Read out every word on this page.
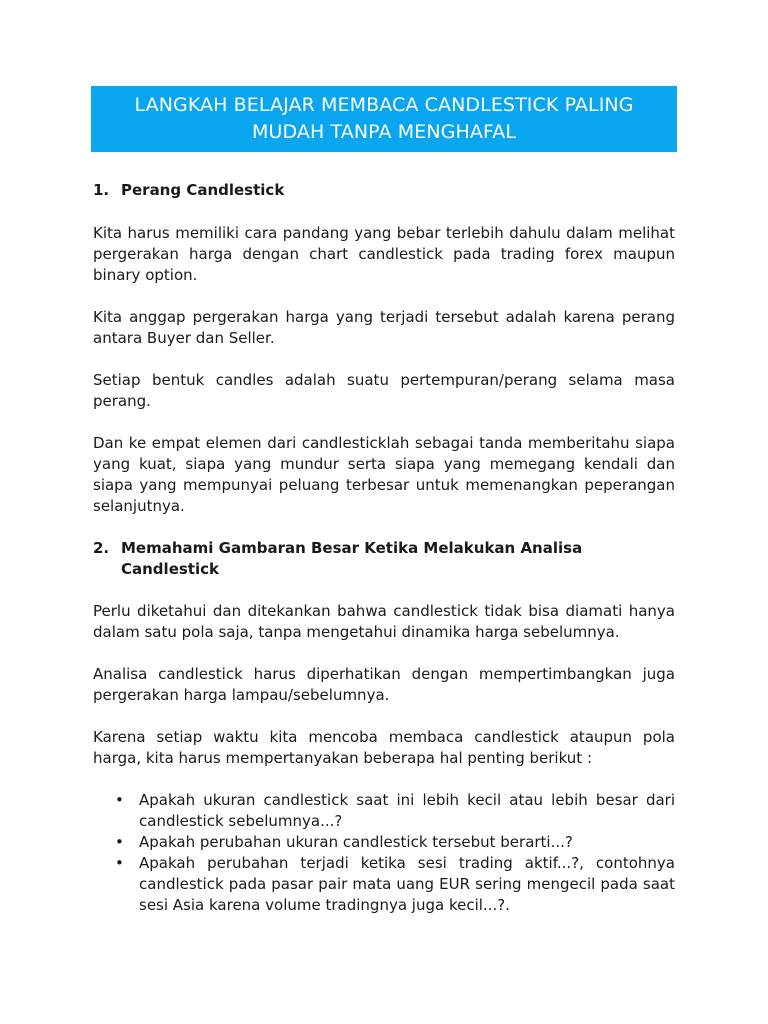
LANGKAH BELAJAR MEMBACA CANDLESTICK PALING
MUDAH TANPA MENGHAFAL
1. Perang Candlestick

Kita harus memiliki cara pandang yang bebar terlebih dahulu dalam melihat pergerakan harga dengan chart candlestick pada trading forex maupun binary option.

Kita anggap pergerakan harga yang terjadi tersebut adalah karena perang antara Buyer dan Seller.

Setiap bentuk candles adalah suatu pertempuran/perang selama masa perang.

Dan ke empat elemen dari candlesticklah sebagai tanda memberitahu siapa yang kuat, siapa yang mundur serta siapa yang memegang kendali dan siapa yang mempunyai peluang terbesar untuk memenangkan peperangan selanjutnya.

2. Memahami Gambaran Besar Ketika Melakukan Analisa Candlestick

Perlu diketahui dan ditekankan bahwa candlestick tidak bisa diamati hanya dalam satu pola saja, tanpa mengetahui dinamika harga sebelumnya.

Analisa candlestick harus diperhatikan dengan mempertimbangkan juga pergerakan harga lampau/sebelumnya.

Karena setiap waktu kita mencoba membaca candlestick ataupun pola harga, kita harus mempertanyakan beberapa hal penting berikut :

• Apakah ukuran candlestick saat ini lebih kecil atau lebih besar dari candlestick sebelumnya...?
• Apakah perubahan ukuran candlestick tersebut berarti...?
• Apakah perubahan terjadi ketika sesi trading aktif...?, contohnya candlestick pada pasar pair mata uang EUR sering mengecil pada saat sesi Asia karena volume tradingnya juga kecil...?.
